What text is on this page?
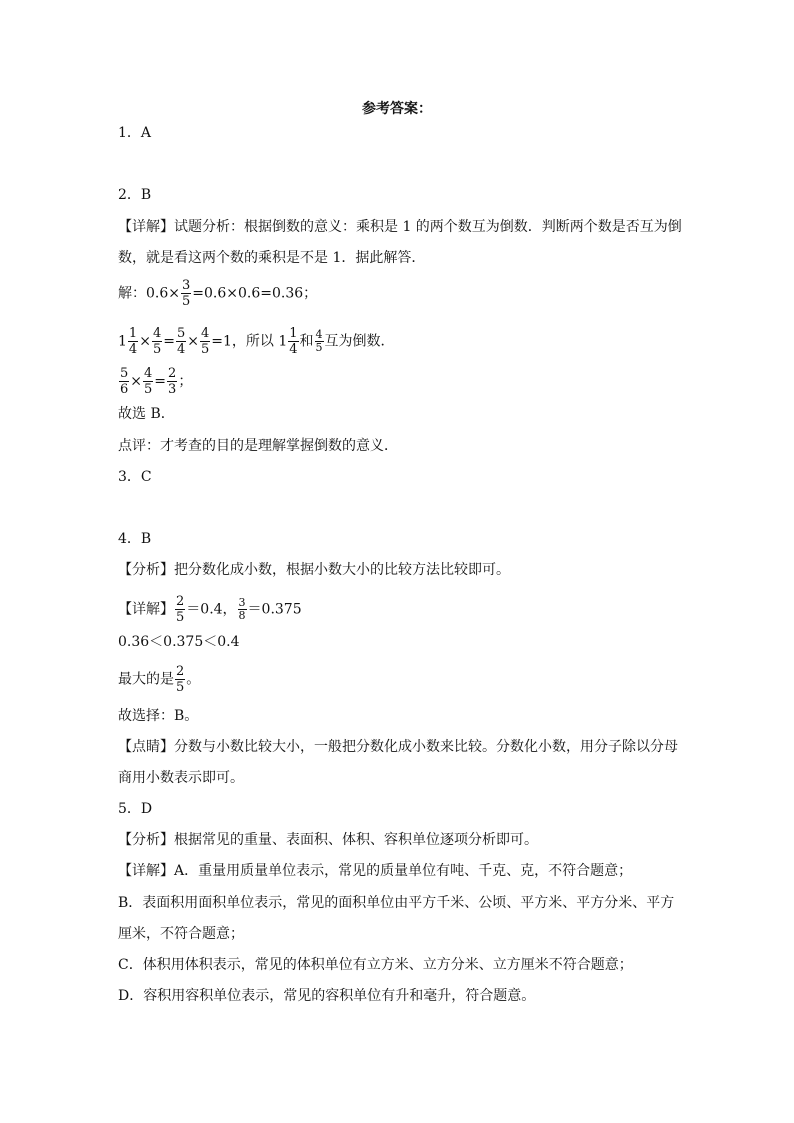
参考答案：
1．A
2．B
【详解】试题分析：根据倒数的意义：乘积是 1 的两个数互为倒数．判断两个数是否互为倒
数，就是看这两个数的乘积是不是 1．据此解答．
解：$0.6\times \frac{3}{5} =0.6\times 0.6=0.36$；
$1 \frac{1}{4} \times \frac{4}{5} = \frac{5}{4} \times \frac{4}{5} =1$，所以 $1 \frac{1}{4}$ 和 $\frac{4}{5}$ 互为倒数．
$\frac{5}{6} \times \frac{4}{5} = \frac{2}{3}$ ；
故选 B．
点评：才考查的目的是理解掌握倒数的意义．
3．C
4．B
【分析】把分数化成小数，根据小数大小的比较方法比较即可。
【详解】 $\frac{2}{5} =0.4$， $\frac{3}{8} =0.375$
0.36＜0.375＜0.4
最大的是 $\frac{2}{5}$ 。
故选择：B。
【点睛】分数与小数比较大小，一般把分数化成小数来比较。分数化小数，用分子除以分母
商用小数表示即可。
5．D
【分析】根据常见的重量、表面积、体积、容积单位逐项分析即可。
【详解】A．重量用质量单位表示，常见的质量单位有吨、千克、克，不符合题意；
B．表面积用面积单位表示，常见的面积单位由平方千米、公顷、平方米、平方分米、平方
厘米，不符合题意；
C．体积用体积表示，常见的体积单位有立方米、立方分米、立方厘米不符合题意；
D．容积用容积单位表示，常见的容积单位有升和毫升，符合题意。
